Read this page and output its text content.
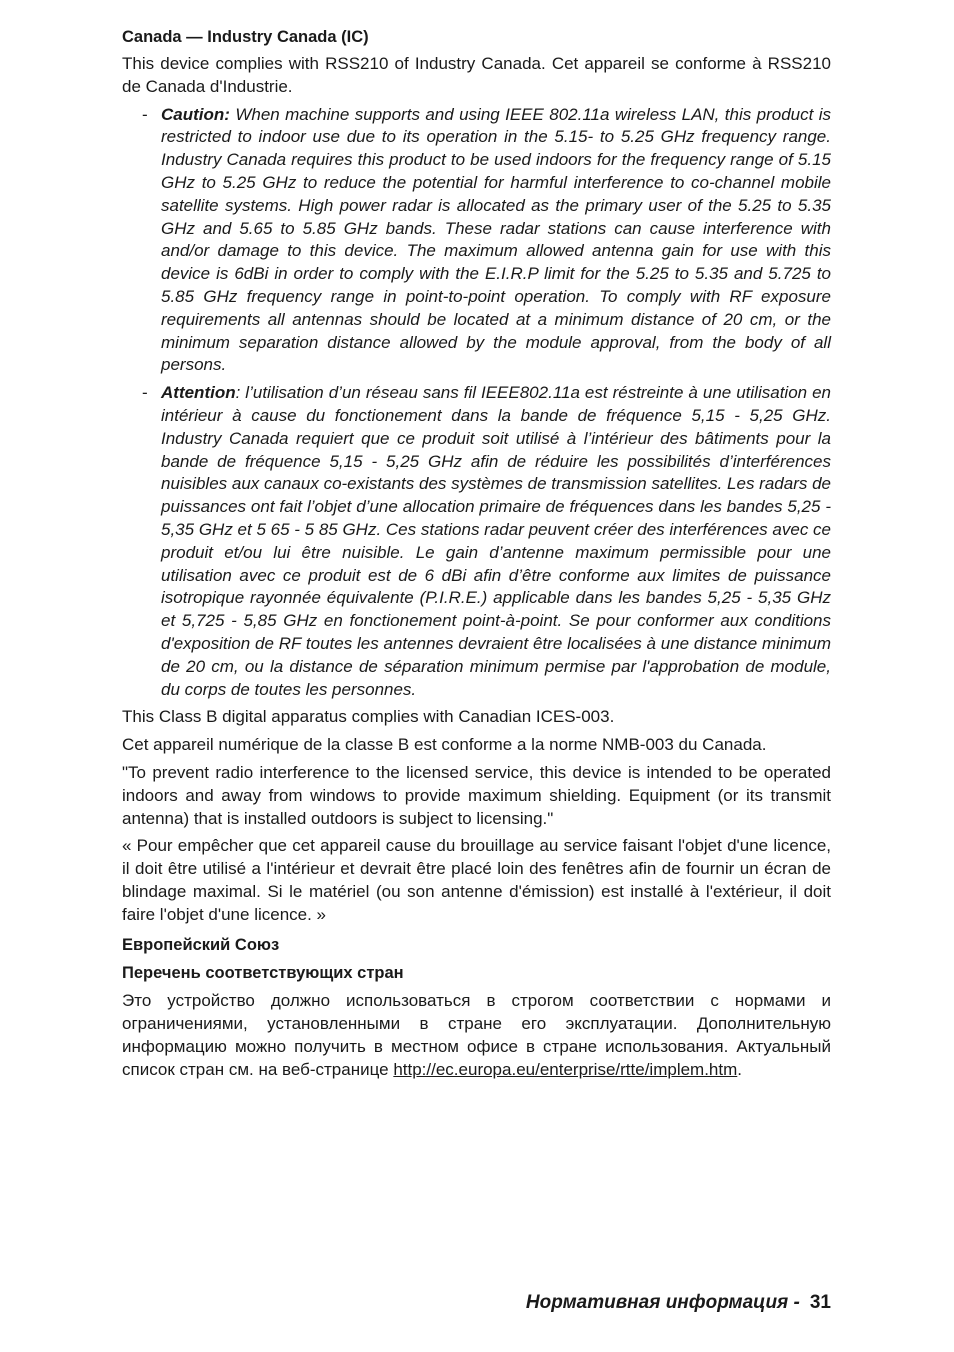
Canada — Industry Canada (IC)
This device complies with RSS210 of Industry Canada. Cet appareil se conforme à RSS210 de Canada d'Industrie.
- Caution: When machine supports and using IEEE 802.11a wireless LAN, this product is restricted to indoor use due to its operation in the 5.15- to 5.25 GHz frequency range. Industry Canada requires this product to be used indoors for the frequency range of 5.15 GHz to 5.25 GHz to reduce the potential for harmful interference to co-channel mobile satellite systems. High power radar is allocated as the primary user of the 5.25 to 5.35 GHz and 5.65 to 5.85 GHz bands. These radar stations can cause interference with and/or damage to this device. The maximum allowed antenna gain for use with this device is 6dBi in order to comply with the E.I.R.P limit for the 5.25 to 5.35 and 5.725 to 5.85 GHz frequency range in point-to-point operation. To comply with RF exposure requirements all antennas should be located at a minimum distance of 20 cm, or the minimum separation distance allowed by the module approval, from the body of all persons.
- Attention: l’utilisation d’un réseau sans fil IEEE802.11a est réstreinte à une utilisation en intérieur à cause du fonctionement dans la bande de fréquence 5,15 - 5,25 GHz. Industry Canada requiert que ce produit soit utilisé à l’intérieur des bâtiments pour la bande de fréquence 5,15 - 5,25 GHz afin de réduire les possibilités d’interférences nuisibles aux canaux co-existants des systèmes de transmission satellites. Les radars de puissances ont fait l’objet d’une allocation primaire de fréquences dans les bandes 5,25 - 5,35 GHz et 5 65 - 5 85 GHz. Ces stations radar peuvent créer des interférences avec ce produit et/ou lui être nuisible. Le gain d’antenne maximum permissible pour une utilisation avec ce produit est de 6 dBi afin d’être conforme aux limites de puissance isotropique rayonnée équivalente (P.I.R.E.) applicable dans les bandes 5,25 - 5,35 GHz et 5,725 - 5,85 GHz en fonctionement point-à-point. Se pour conformer aux conditions d'exposition de RF toutes les antennes devraient être localisées à une distance minimum de 20 cm, ou la distance de séparation minimum permise par l'approbation de module, du corps de toutes les personnes.
This Class B digital apparatus complies with Canadian ICES-003.
Cet appareil numérique de la classe B est conforme a la norme NMB-003 du Canada.
"To prevent radio interference to the licensed service, this device is intended to be operated indoors and away from windows to provide maximum shielding. Equipment (or its transmit antenna) that is installed outdoors is subject to licensing."
« Pour empêcher que cet appareil cause du brouillage au service faisant l'objet d'une licence, il doit être utilisé a l'intérieur et devrait être placé loin des fenêtres afin de fournir un écran de blindage maximal. Si le matériel (ou son antenne d'émission) est installé à l'extérieur, il doit faire l'objet d'une licence. »
Европейский Союз
Перечень соответствующих стран
Это устройство должно использоваться в строгом соответствии с нормами и ограничениями, установленными в стране его эксплуатации. Дополнительную информацию можно получить в местном офисе в стране использования. Актуальный список стран см. на веб-странице http://ec.europa.eu/enterprise/rtte/implem.htm.
Нормативная информация - 31
